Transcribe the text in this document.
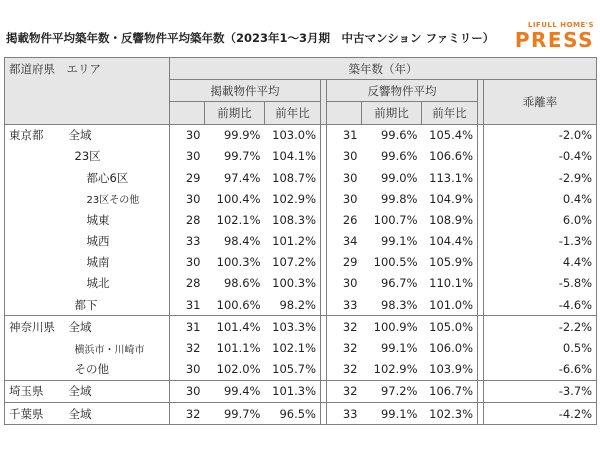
掲載物件平均築年数・反響物件平均築年数（2023年1～3月期　中古マンション ファミリー）
LIFULL HOME'S
PRESS
都道府県　エリア		築年数（年）								
		掲載物件平均				反響物件平均				乖離率
			前期比	前年比			前期比	前年比		
東京都	全域	30	99.9%	103.0%		31	99.6%	105.4%		-2.0%
	23区	30	99.7%	104.1%		30	99.6%	106.6%		-0.4%
	都心6区	29	97.4%	108.7%		30	99.0%	113.1%		-2.9%
	23区その他	30	100.4%	102.9%		30	99.8%	104.9%		0.4%
	城東	28	102.1%	108.3%		26	100.7%	108.9%		6.0%
	城西	33	98.4%	101.2%		34	99.1%	104.4%		-1.3%
	城南	30	100.3%	107.2%		29	100.5%	105.9%		4.4%
	城北	28	98.6%	100.3%		30	96.7%	110.1%		-5.8%
	都下	31	100.6%	98.2%		33	98.3%	101.0%		-4.6%
神奈川県	全域	31	101.4%	103.3%		32	100.9%	105.0%		-2.2%
	横浜市・川崎市	32	101.1%	102.1%		32	99.1%	106.0%		0.5%
	その他	30	102.0%	105.7%		32	102.9%	103.9%		-6.6%
埼玉県	全域	30	99.4%	101.3%		32	97.2%	106.7%		-3.7%
千葉県	全域	32	99.7%	96.5%		33	99.1%	102.3%		-4.2%
